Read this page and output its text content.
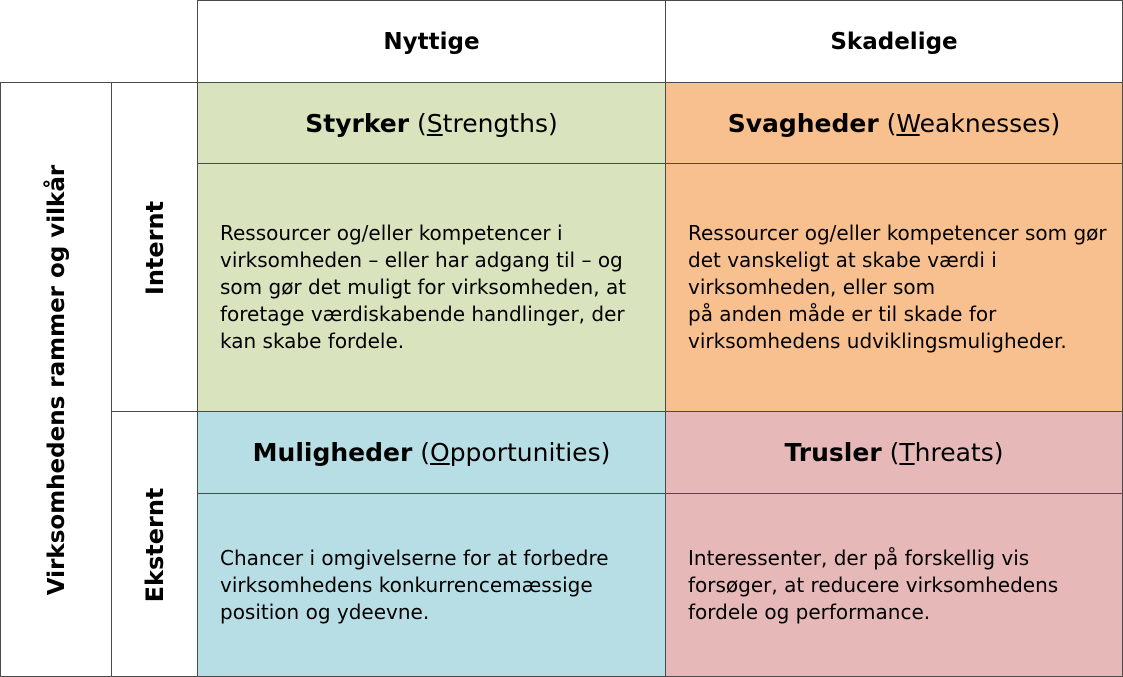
Nyttige	Skadelige
Virksomhedens rammer og vilkår	Internt
Eksternt
Styrker (Strengths)
Ressourcer og/eller kompetencer i
virksomheden – eller har adgang til – og
som gør det muligt for virksomheden, at
foretage værdiskabende handlinger, der
kan skabe fordele.
Svagheder (Weaknesses)
Ressourcer og/eller kompetencer som gør
det vanskeligt at skabe værdi i
virksomheden, eller som
på anden måde er til skade for
virksomhedens udviklingsmuligheder.
Muligheder (Opportunities)
Chancer i omgivelserne for at forbedre
virksomhedens konkurrencemæssige
position og ydeevne.
Trusler (Threats)
Interessenter, der på forskellig vis
forsøger, at reducere virksomhedens
fordele og performance.
